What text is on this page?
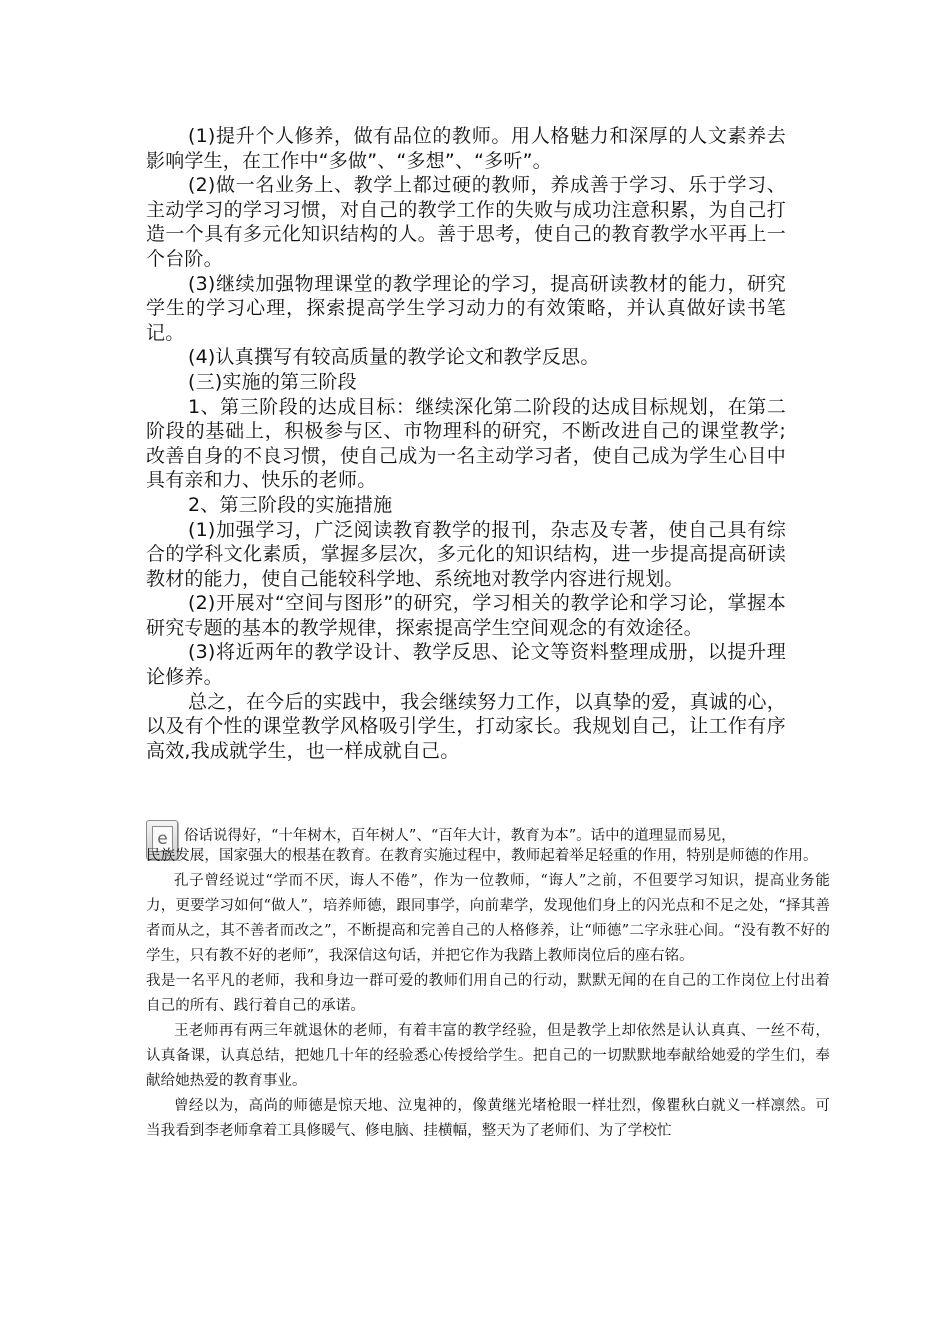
(1)提升个人修养，做有品位的教师。用人格魅力和深厚的人文素养去影响学生，在工作中“多做”、“多想”、“多听”。

(2)做一名业务上、教学上都过硬的教师，养成善于学习、乐于学习、主动学习的学习习惯，对自己的教学工作的失败与成功注意积累，为自己打造一个具有多元化知识结构的人。善于思考，使自己的教育教学水平再上一个台阶。

(3)继续加强物理课堂的教学理论的学习，提高研读教材的能力，研究学生的学习心理，探索提高学生学习动力的有效策略，并认真做好读书笔记。

(4)认真撰写有较高质量的教学论文和教学反思。

(三)实施的第三阶段

1、第三阶段的达成目标：继续深化第二阶段的达成目标规划，在第二阶段的基础上，积极参与区、市物理科的研究，不断改进自己的课堂教学;改善自身的不良习惯，使自己成为一名主动学习者，使自己成为学生心目中具有亲和力、快乐的老师。

2、第三阶段的实施措施

(1)加强学习，广泛阅读教育教学的报刊，杂志及专著，使自己具有综合的学科文化素质，掌握多层次，多元化的知识结构，进一步提高提高研读教材的能力，使自己能较科学地、系统地对教学内容进行规划。

(2)开展对“空间与图形”的研究，学习相关的教学论和学习论，掌握本研究专题的基本的教学规律，探索提高学生空间观念的有效途径。

(3)将近两年的教学设计、教学反思、论文等资料整理成册，以提升理论修养。

总之，在今后的实践中，我会继续努力工作，以真挚的爱，真诚的心，以及有个性的课堂教学风格吸引学生，打动家长。我规划自己，让工作有序高效,我成就学生，也一样成就自己。

e	俗话说得好，“十年树木，百年树人”、“百年大计，教育为本”。话中的道理显而易见，

民族发展，国家强大的根基在教育。在教育实施过程中，教师起着举足轻重的作用，特别是师德的作用。

孔子曾经说过“学而不厌，诲人不倦”，作为一位教师，“诲人”之前，不但要学习知识，提高业务能力，更要学习如何“做人”，培养师德，跟同事学，向前辈学，发现他们身上的闪光点和不足之处，“择其善者而从之，其不善者而改之”，不断提高和完善自己的人格修养，让“师德”二字永驻心间。“没有教不好的学生，只有教不好的老师”，我深信这句话，并把它作为我踏上教师岗位后的座右铭。

我是一名平凡的老师，我和身边一群可爱的教师们用自己的行动，默默无闻的在自己的工作岗位上付出着自己的所有、践行着自己的承诺。

王老师再有两三年就退休的老师，有着丰富的教学经验，但是教学上却依然是认认真真、一丝不苟，认真备课，认真总结，把她几十年的经验悉心传授给学生。把自己的一切默默地奉献给她爱的学生们，奉献给她热爱的教育事业。

曾经以为，高尚的师德是惊天地、泣鬼神的，像黄继光堵枪眼一样壮烈，像瞿秋白就义一样凛然。可当我看到李老师拿着工具修暖气、修电脑、挂横幅，整天为了老师们、为了学校忙
